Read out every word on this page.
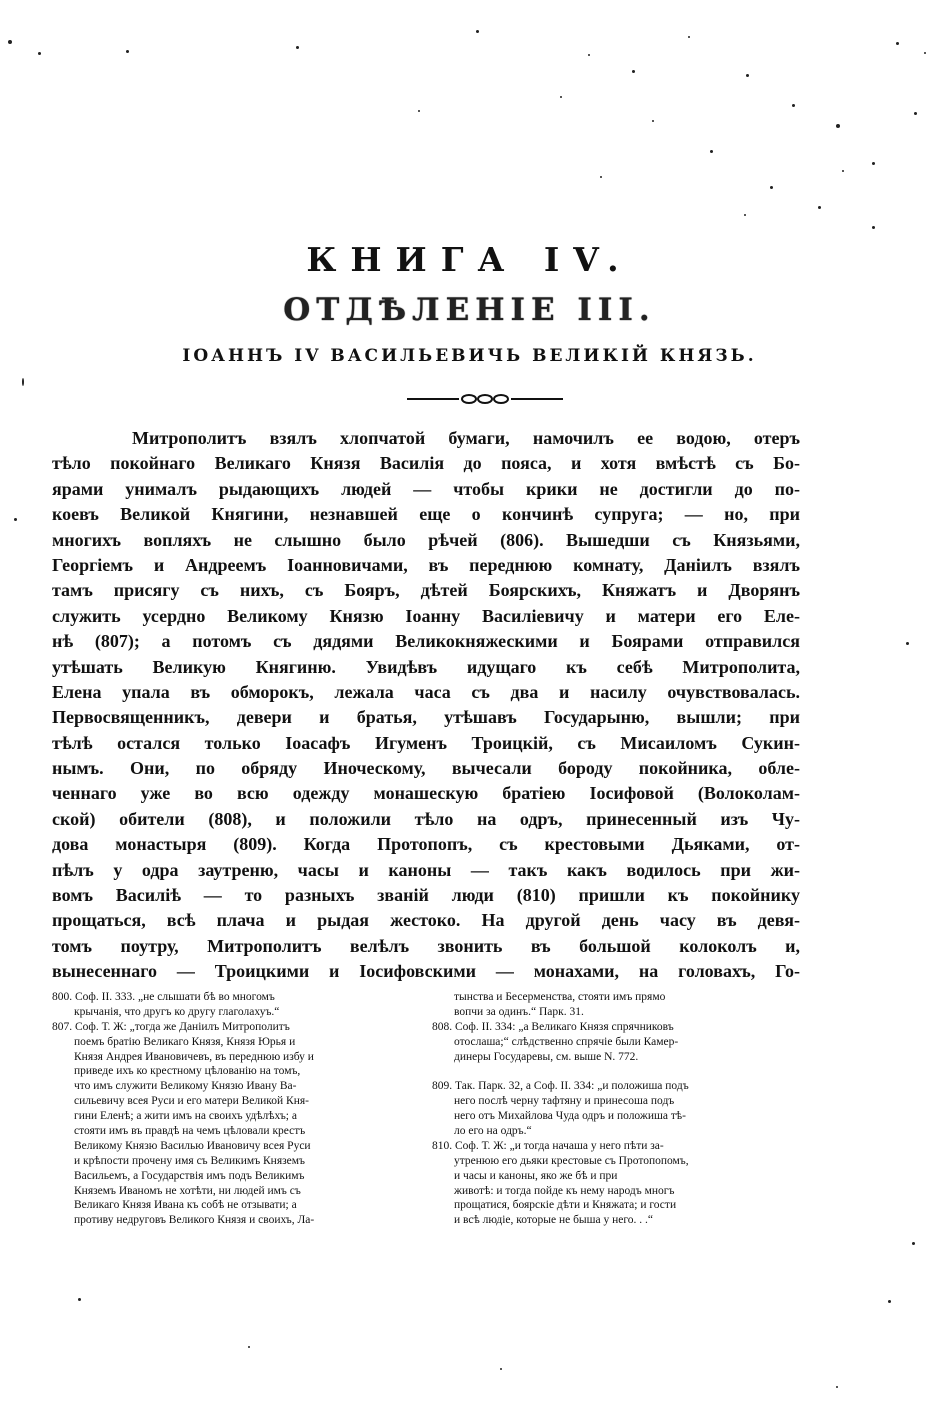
КНИГА IV.
ОТДѢЛЕНІЕ III.
ІОАННЪ IV ВАСИЛЬЕВИЧЬ ВЕЛИКІЙ КНЯЗЬ.
Митрополитъ взялъ хлопчатой бумаги, намочилъ ее водою, отеръ
тѣло покойнаго Великаго Князя Василія до пояса, и хотя вмѣстѣ съ Бо-
ярами унималъ рыдающихъ людей — чтобы крики не достигли до по-
коевъ Великой Княгини, незнавшей еще о кончинѣ супруга; — но, при
многихъ вопляхъ не слышно было рѣчей (806). Вышедши съ Князьями,
Георгіемъ и Андреемъ Іоанновичами, въ переднюю комнату, Даніилъ взялъ
тамъ присягу съ нихъ, съ Бояръ, дѣтей Боярскихъ, Княжатъ и Дворянъ
служить усердно Великому Князю Іоанну Василіевичу и матери его Еле-
нѣ (807); а потомъ съ дядями Великокняжескими и Боярами отправился
утѣшать Великую Княгиню. Увидѣвъ идущаго къ себѣ Митрополита,
Елена упала въ обморокъ, лежала часа съ два и насилу очувствовалась.
Первосвященникъ, девери и братья, утѣшавъ Государыню, вышли; при
тѣлѣ остался только Іоасафъ Игуменъ Троицкій, съ Мисаиломъ Сукин-
нымъ. Они, по обряду Иноческому, вычесали бороду покойника, обле-
ченнаго уже во всю одежду монашескую братіею Іосифовой (Волоколам-
ской) обители (808), и положили тѣло на одръ, принесенный изъ Чу-
дова монастыря (809). Когда Протопопъ, съ крестовыми Дьяками, от-
пѣлъ у одра заутреню, часы и каноны — такъ какъ водилось при жи-
вомъ Василіѣ — то разныхъ званій люди (810) пришли къ покойнику
прощаться, всѣ плача и рыдая жестоко. На другой день часу въ девя-
томъ поутру, Митрополитъ велѣлъ звонить въ большой колоколъ и,
вынесеннаго — Троицкими и Іосифовскими — монахами, на головахъ, Го-
800. Соф. II. 333. „не слышати бѣ во многомъ
крычанія, что другъ ко другу глаголахуъ.“
807. Соф. Т. Ж: „тогда же Даніилъ Митрополитъ
поемъ братію Великаго Князя, Князя Юрья и
Князя Андрея Ивановичевъ, въ переднюю избу и
приведе ихъ ко крестному цѣлованію на томъ,
что имъ служити Великому Князю Ивану Ва-
сильевичу всея Руси и его матери Великой Кня-
гини Еленѣ; а жити имъ на своихъ удѣлѣхъ; а
стояти имъ въ правдѣ на чемъ цѣловали крестъ
Великому Князю Василью Ивановичу всея Руси
и крѣпости прочену имя съ Великимъ Княземъ
Васильемъ, а Государствія имъ подъ Великимъ
Княземъ Иваномъ не хотѣти, ни людей имъ съ
Великаго Князя Ивана къ собѣ не отзывати; а
противу недруговъ Великого Князя и своихъ, Ла-
тынства и Бесерменства, стояти имъ прямо
вопчи за одинъ.“ Парк. 31.
808. Соф. II. 334: „а Великаго Князя спрячниковъ
отослаша;“ слѣдственно спрячіе были Камер-
динеры Государевы, см. выше N. 772.
809. Так. Парк. 32, а Соф. II. 334: „и положиша подъ
него послѣ черну тафтяну и принесоша подъ
него отъ Михайлова Чуда одръ и положиша тѣ-
ло его на одръ.“
810. Соф. Т. Ж: „и тогда начаша у него пѣти за-
утренюю его дьяки крестовые съ Протопопомъ,
и часы и каноны, яко же бѣ и при
животѣ: и тогда пойде къ нему народъ многъ
прощатися, боярскіе дѣти и Княжата; и гости
и всѣ людіе, которые не быша у него. . .“
